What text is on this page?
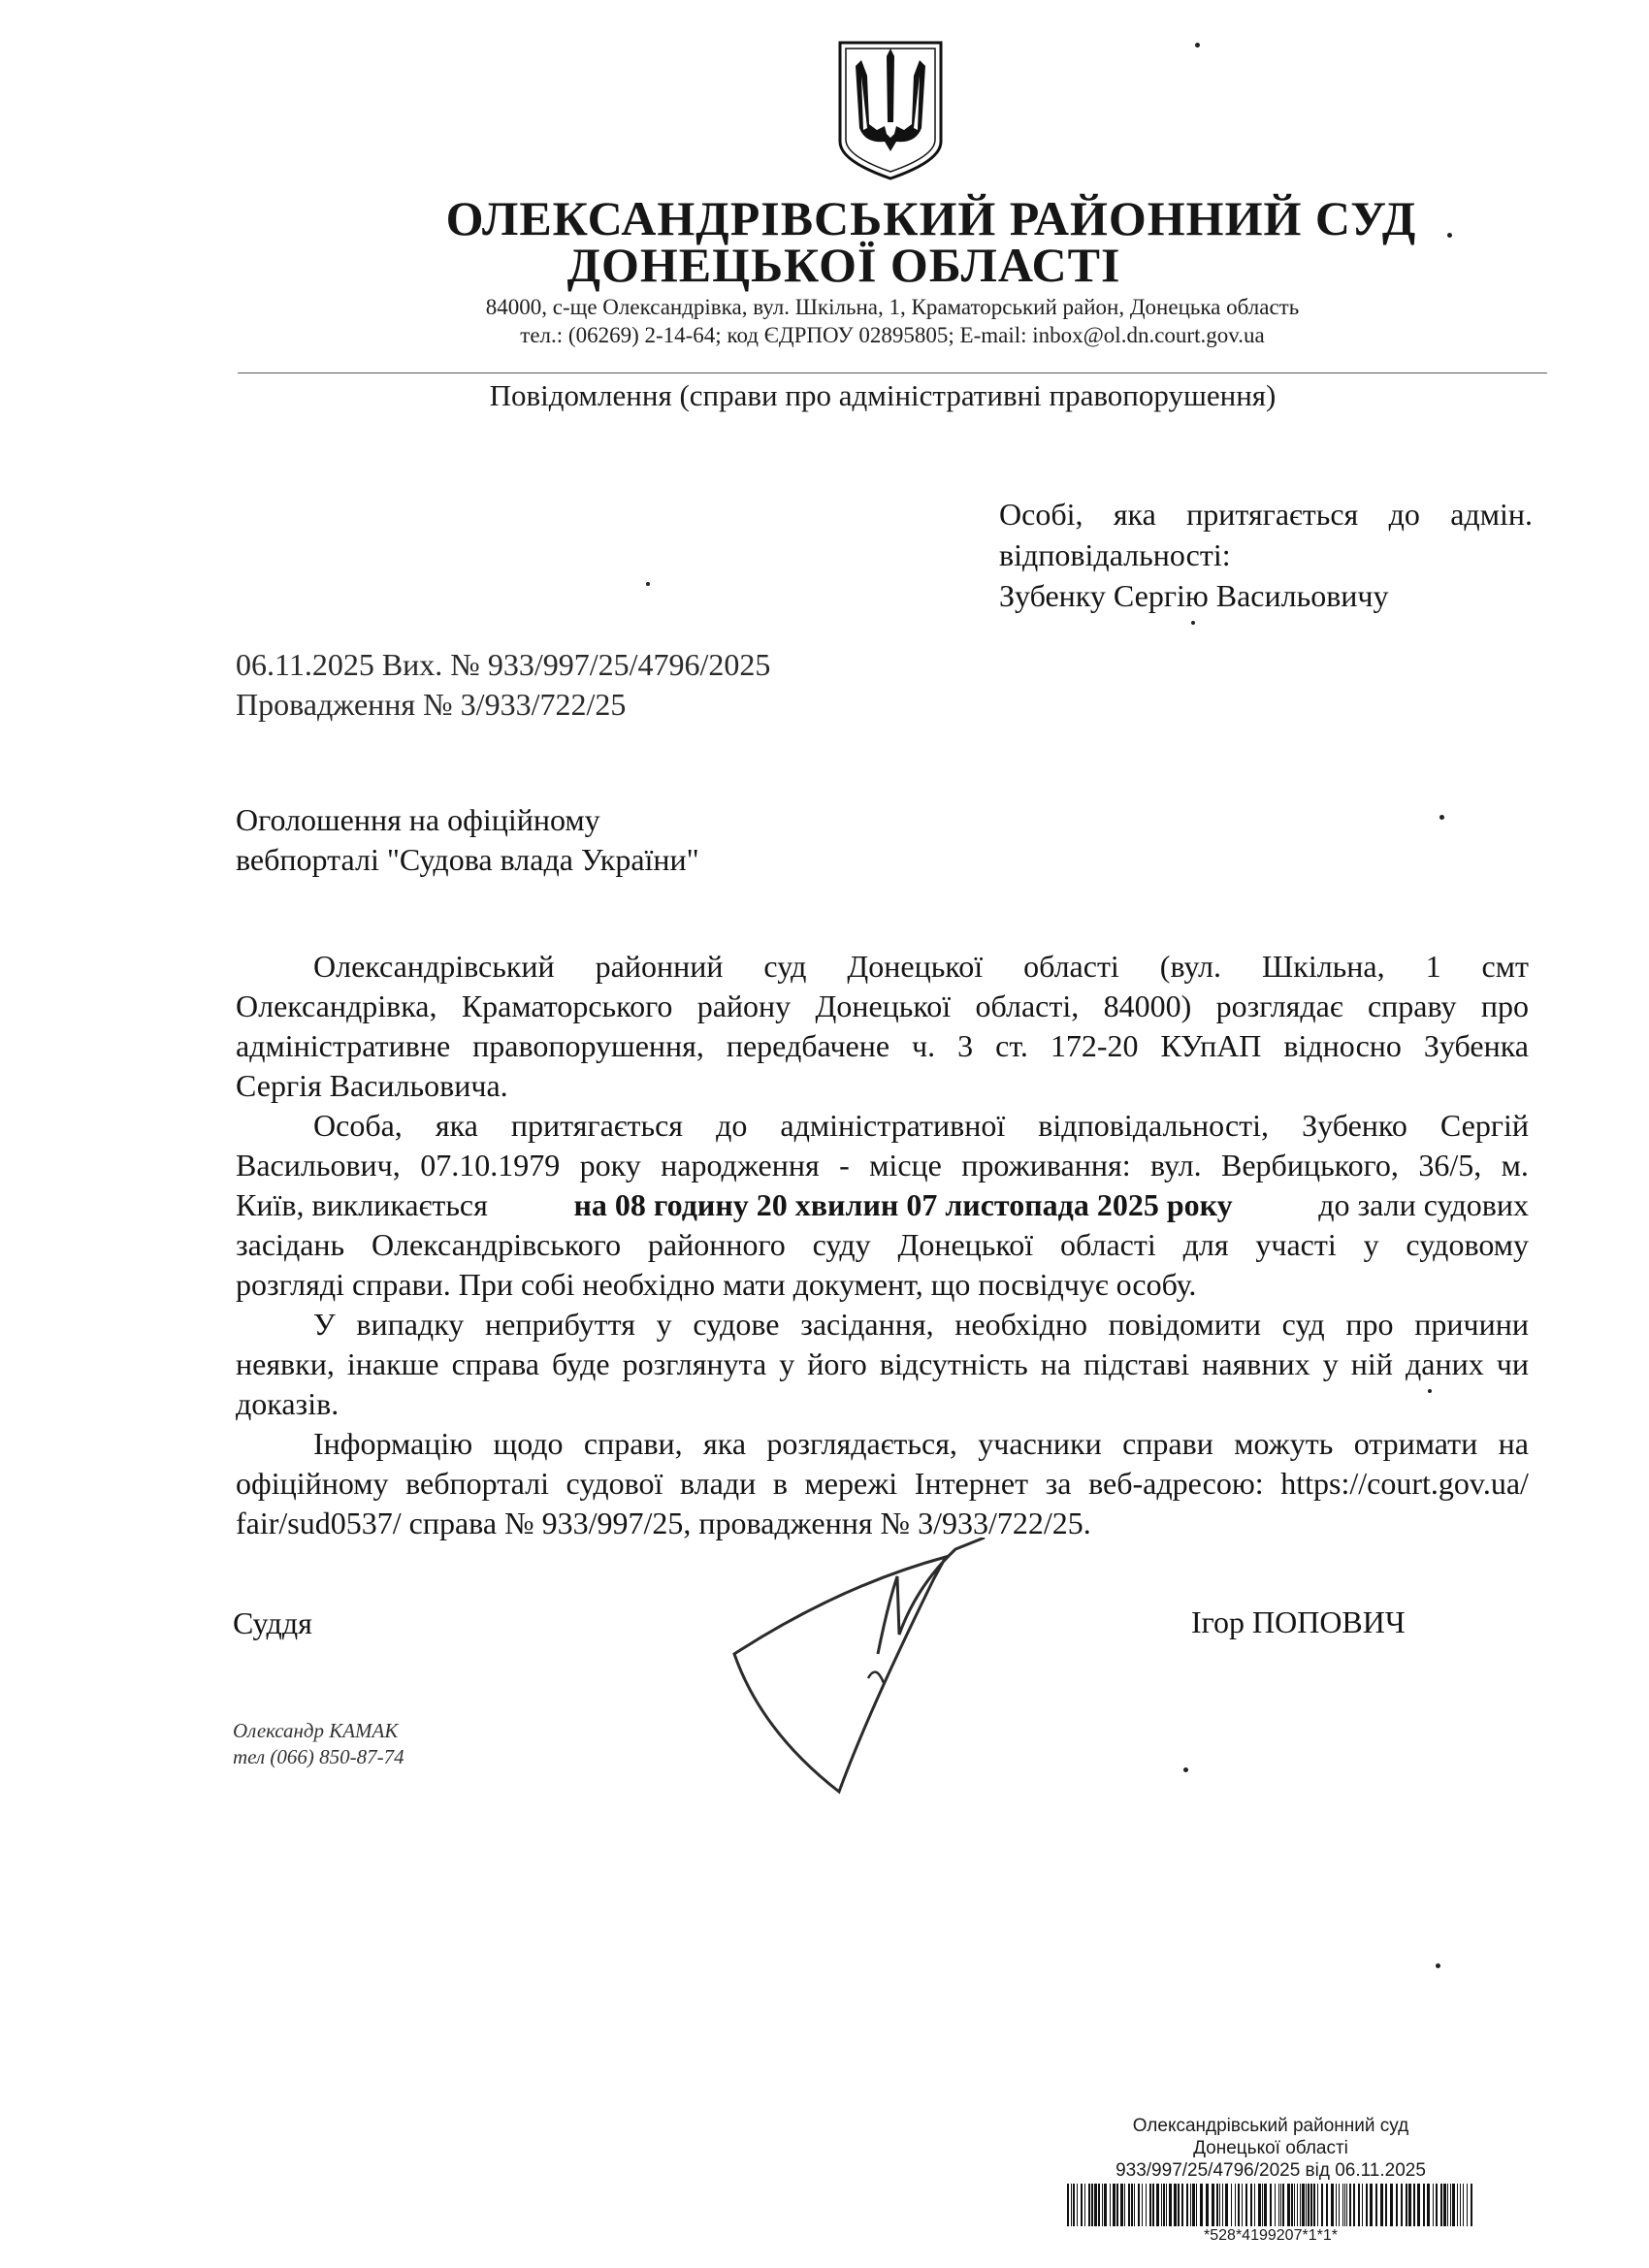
ОЛЕКСАНДРІВСЬКИЙ РАЙОННИЙ СУД
ДОНЕЦЬКОЇ ОБЛАСТІ
84000, с-ще Олександрівка, вул. Шкільна, 1, Краматорський район, Донецька область
тел.: (06269) 2-14-64; код ЄДРПОУ 02895805; E-mail: inbox@ol.dn.court.gov.ua
Повідомлення (справи про адміністративні правопорушення)
Особі, яка притягається до адмін.
відповідальності:
Зубенку Сергію Васильовичу
06.11.2025 Вих. № 933/997/25/4796/2025
Провадження № 3/933/722/25
Оголошення на офіційному
вебпорталі "Судова влада України"
Олександрівський районний суд Донецької області (вул. Шкільна, 1 смт
Олександрівка, Краматорського району Донецької області, 84000) розглядає справу про
адміністративне правопорушення, передбачене ч. 3 ст. 172-20 КУпАП відносно Зубенка
Сергія Васильовича.
Особа, яка притягається до адміністративної відповідальності, Зубенко Сергій
Васильович, 07.10.1979 року народження - місце проживання: вул. Вербицького, 36/5, м.
Київ, викликається	на 08 годину 20 хвилин 07 листопада 2025 року	до зали судових
засідань Олександрівського районного суду Донецької області для участі у судовому
розгляді справи. При собі необхідно мати документ, що посвідчує особу.
У випадку неприбуття у судове засідання, необхідно повідомити суд про причини
неявки, інакше справа буде розглянута у його відсутність на підставі наявних у ній даних чи
доказів.
Інформацію щодо справи, яка розглядається, учасники справи можуть отримати на
офіційному вебпорталі судової влади в мережі Інтернет за веб-адресою: https://court.gov.ua/
fair/sud0537/ справа № 933/997/25, провадження № 3/933/722/25.
Суддя	Ігор ПОПОВИЧ
Олександр КАМАК
тел (066) 850-87-74
Олександрівський районний суд
Донецької області
933/997/25/4796/2025 від 06.11.2025
*528*4199207*1*1*
